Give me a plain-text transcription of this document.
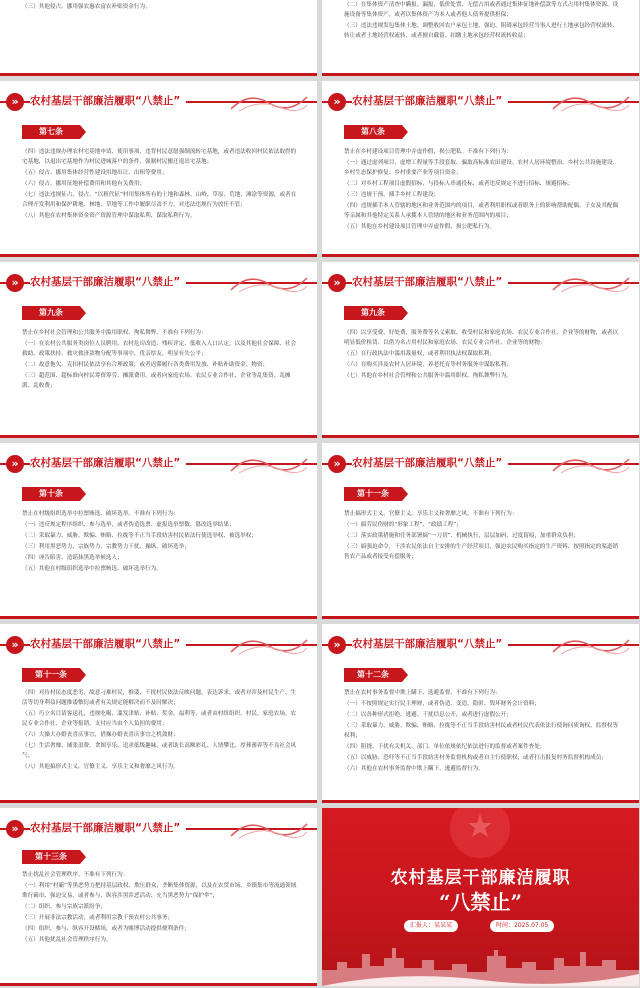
（三）其他侵占、挪用强农惠农富农补贴资金行为。	（二）在集体资产清查中瞒报、漏报，低价处置、无偿占用或者通过集体征地补偿款等方式占用村集体资源、设施设备等集体资产，或者以集体资产为本人或者他人债务提供担保；

（三）违法违规发包集体土地、调整收回农户承包土地，强迫、阻碍承包经营当事人进行土地承包经营权流转、转让或者土地经营权流转，或者擅自截留、扣缴土地承包经营权流转收益；

»	农村基层干部廉洁履职“八禁止”
第七条

（四）违法违规办理农村宅基地申请、使用事项，违背村民意愿强制流转宅基地，或者违法收回村民依法取得的宅基地，以退出宅基地作为村民进城落户的条件、强制村民搬迁退出宅基地；

（五）侵占、挪用集体经营性建设用地出让、出租等费用；

（六）侵占、挪用征地补偿费用和其他有关费用；

（七）违法违规征占、侵占、“以租代征”村用集体所有的土地和森林、山岭、草原、荒地、滩涂等资源，或者在合理开发利用和保护耕地、林地、草地等工作中履职尽责不力，对违法违规行为放任不管；

（八）其他在农村集体资金资产资源管理中谋取私利、谋取私利行为。

»	农村基层干部廉洁履职“八禁止”
第八条

禁止在乡村建设项目管理中弄虚作假，损公肥私。不准有下列行为：

（一）通过虚列项目、虚增工程量等手段套取、骗取高标准农田建设、农村人居环境整治、乡村公共设施建设、乡村生态保护修复、乡村重要产业等项目资金；

（二）对乡村工程项目虚假招标，与投标人串通投标，或者违反规定不进行招标、规避招标；

（三）违规干预、插手乡村工程建设；

（四）违规插手本人管辖的地区和业务范围内的项目，或者利用职权或者职务上的影响帮助配偶、子女及其配偶等亲属和其他特定关系人承揽本人管辖的地区和业务范围内的项目；

（五）其他在乡村建设项目管理中弄虚作假、损公肥私行为。

»	农村基层干部廉洁履职“八禁止”
第九条

禁止在乡村社会管理和公共服务中滥用职权、徇私舞弊。不准有下列行为：

（一）在农村公共服务类岗位人员聘用、农村危房改造、残疾评定、低收入人口认定，以及其他社会保障、社会救助、政策扶持、救灾救济款物分配等事项中，优亲厚友、明显有失公平；

（二）故意拖欠、克扣村民依法享有合理政策，或者迟滞履行各类费用发放、补贴补助资金、物资；

（三）超范围、超标准向村民筹资筹劳、摊派费用，或者向家庭农场、农民专业合作社、企业等乱集资、乱摊派、乱收费；

»	农村基层干部廉洁履职“八禁止”
第九条

（四）以享受费、好处费、服务费等名义索取、收受村民和家庭农场、农民专业合作社、企业等的财物，或者以明显低价租赁、以借为名占用村民和家庭农场、农民专业合作社、企业等的财物；

（五）在行政执法中滥用裁量权，或者利用执法权谋取私利；

（六）在购买涉及农村人居环境、养老托育等村务服务中谋取私利；

（七）其他在乡村社会管理和公共服务中滥用职权、徇私舞弊行为。

»	农村基层干部廉洁履职“八禁止”
第十条

禁止在村级组织选举中拉票贿选、破坏选举。不准有下列行为：

（一）违反规定程序组织、参与选举，或者伪造选票、虚报选举票数、篡改选举结果；

（二）采取暴力、威胁、欺骗、贿赂、拉拢等不正当手段妨害村民依法行使选举权、被选举权；

（三）利用黑恶势力、宗族势力、宗教势力干扰、操纵、破坏选举；

（四）诬告陷害、造谣抹黑选举候选人；

（五）其他在村级组织选举中拉票贿选、破坏选举行为。

»	农村基层干部廉洁履职“八禁止”
第十一条

禁止搞形式主义、官僚主义，享乐主义和奢靡之风。不准有下列行为：

（一）搞劳民伤财的“形象工程”、“政绩工程”；

（二）落实政策措施和任务部署搞“一刀切”、机械执行，层层加码、过度留痕，加重群众负担；

（三）搞强迫命令，干涉农民依法自主安排的生产经营项目，强迫农民购买指定的生产资料、按照指定的渠道销售农产品或者接受有偿服务；

»	农村基层干部廉洁履职“八禁止”
第十一条

（四）对待村民态度恶劣，故意刁难村民，推诿、干扰村民依法反映问题、表达诉求，或者对涉及村民生产、生活等切身利益问题推诿敷衍或者有关规定能解决而不及时解决；

（五）巧立名目请客送礼，违规吃喝，滥发津贴、补贴、奖金、福利等，或者由村组组织、村民、家庭农场、农民专业合作社、企业等报销、支付应当由个人负担的费用；

（六）大操大办婚丧喜庆事宜，借操办婚丧喜庆事宜之机敛财；

（七）生活奢靡、铺张浪费、贪图享乐、追求低级趣味，或者助长高额彩礼、人情攀比、厚葬薄养等不良社会风气；

（八）其他搞形式主义、官僚主义、享乐主义和奢靡之风行为。

»	农村基层干部廉洁履职“八禁止”
第十二条

禁止在农村事务监督中欺上瞒下、选避监督。不准有下列行为：

（一）不按照规定实行民主理财，或者伪造、变造、隐匿、毁坏财务会计资料；

（二）以各种形式拒绝、逃避、干扰信息公开，或者进行虚假公开；

（三）采取暴力、威胁、欺骗、贿赂、拉拢等不正当手段妨害村民或者村民代表依法行使询问质询权、监督权等权利；

（四）阻挠、干扰有关机关、部门、单位依规依纪依法进行的监督或者案件查处；

（五）以威胁、恐吓等不正当手段妨害村务监督机构或者自主行使职权，或者打击报复村务监督机构成员；

（六）其他在农村事务监督中欺上瞒下、逃避监督行为。

»	农村基层干部廉洁履职“八禁止”
第十三条

禁止扰乱社会管理秩序。不准有下列行为：

（一）利用“村霸”等黑恶势力把持基层政权、欺压群众，垄断集体资源，以及在农贸市场、乡镇集市等流通领域欺行霸市、强迫交易，或者参与、纵容涉黑涉恶活动、充当黑恶势力“保护伞”；

（二）组织、参与宗族宗派纷争；

（三）开展非法宗教活动，或者利用宗教干预农村公共事务；

（四）组织、参与、纵容开设赌场，或者为赌博活动提供便利条件；

（五）其他扰乱社会管理秩序行为。

农村基层干部廉洁履职
“八禁止”
汇报人：某某某	时间：2025.07.05
